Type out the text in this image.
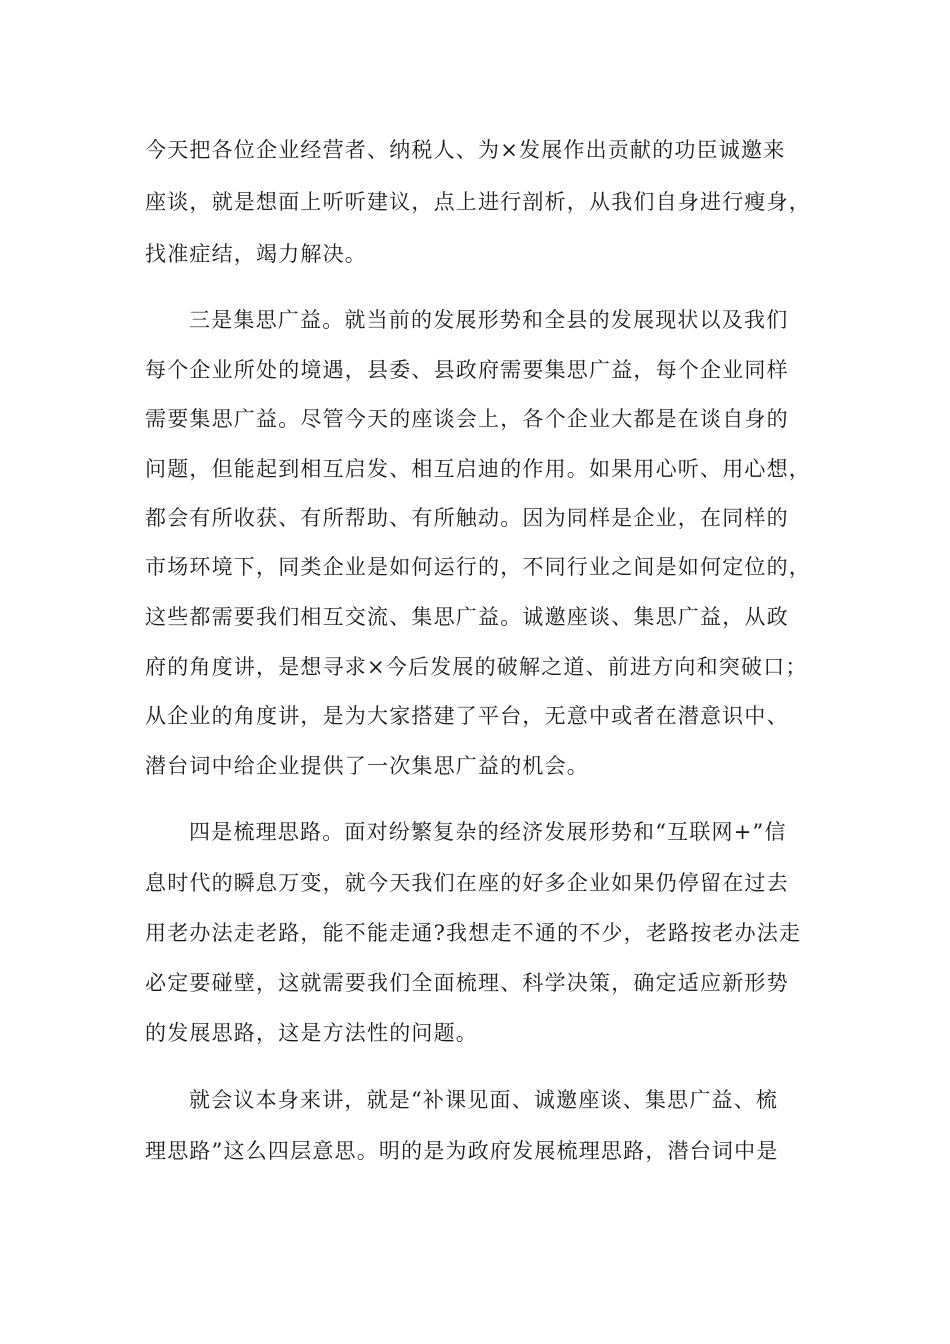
今天把各位企业经营者、纳税人、为×发展作出贡献的功臣诚邀来
座谈，就是想面上听听建议，点上进行剖析，从我们自身进行瘦身，
找准症结，竭力解决。
三是集思广益。就当前的发展形势和全县的发展现状以及我们
每个企业所处的境遇，县委、县政府需要集思广益，每个企业同样
需要集思广益。尽管今天的座谈会上，各个企业大都是在谈自身的
问题，但能起到相互启发、相互启迪的作用。如果用心听、用心想，
都会有所收获、有所帮助、有所触动。因为同样是企业，在同样的
市场环境下，同类企业是如何运行的，不同行业之间是如何定位的，
这些都需要我们相互交流、集思广益。诚邀座谈、集思广益，从政
府的角度讲，是想寻求×今后发展的破解之道、前进方向和突破口；
从企业的角度讲，是为大家搭建了平台，无意中或者在潜意识中、
潜台词中给企业提供了一次集思广益的机会。
四是梳理思路。面对纷繁复杂的经济发展形势和“互联网+”信
息时代的瞬息万变，就今天我们在座的好多企业如果仍停留在过去
用老办法走老路，能不能走通?我想走不通的不少，老路按老办法走
必定要碰壁，这就需要我们全面梳理、科学决策，确定适应新形势
的发展思路，这是方法性的问题。
就会议本身来讲，就是“补课见面、诚邀座谈、集思广益、梳
理思路”这么四层意思。明的是为政府发展梳理思路，潜台词中是
